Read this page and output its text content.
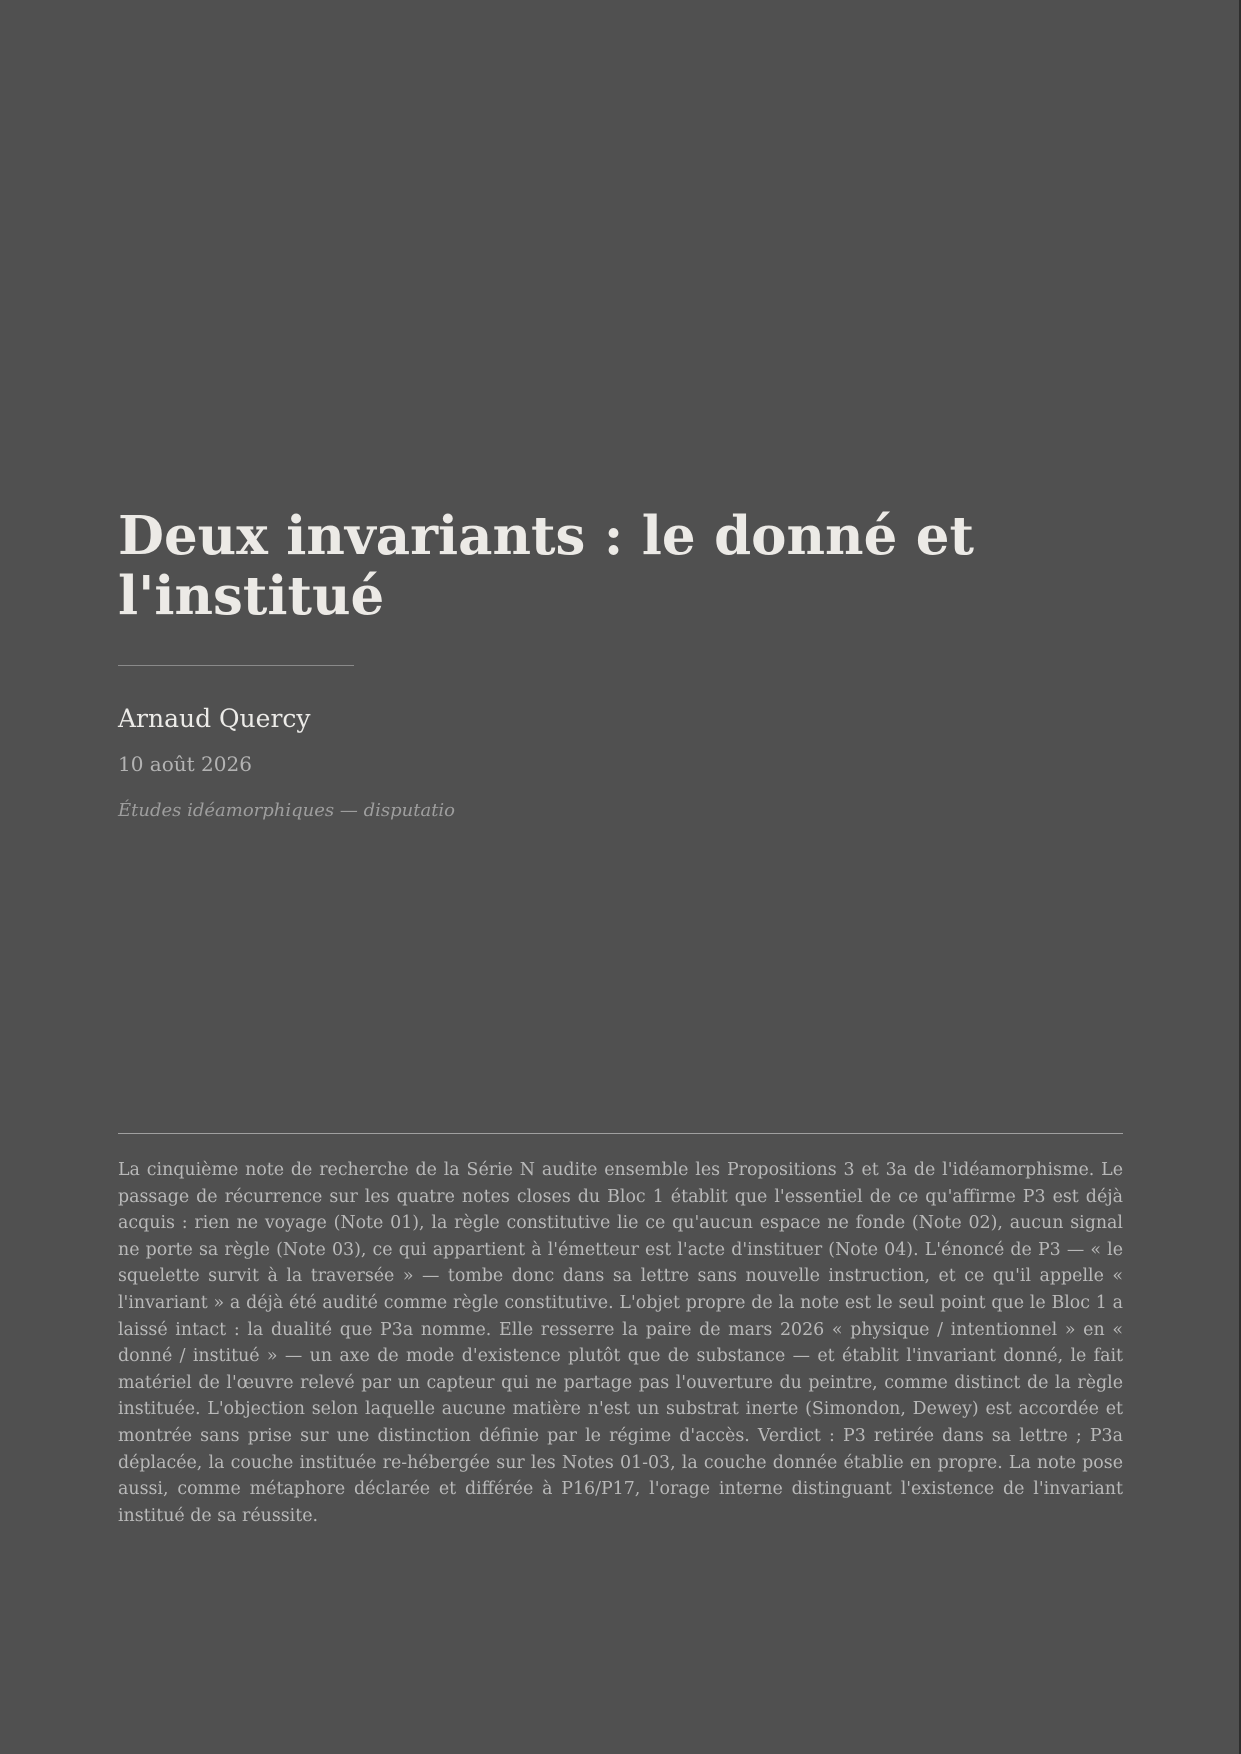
Deux invariants : le donné et l'institué
Arnaud Quercy
10 août 2026
Études idéamorphiques — disputatio

La cinquième note de recherche de la Série N audite ensemble les Propositions 3 et 3a de l'idéamorphisme. Le passage de récurrence sur les quatre notes closes du Bloc 1 établit que l'essentiel de ce qu'affirme P3 est déjà acquis : rien ne voyage (Note 01), la règle constitutive lie ce qu'aucun espace ne fonde (Note 02), aucun signal ne porte sa règle (Note 03), ce qui appartient à l'émetteur est l'acte d'instituer (Note 04). L'énoncé de P3 — « le squelette survit à la traversée » — tombe donc dans sa lettre sans nouvelle instruction, et ce qu'il appelle « l'invariant » a déjà été audité comme règle constitutive. L'objet propre de la note est le seul point que le Bloc 1 a laissé intact : la dualité que P3a nomme. Elle resserre la paire de mars 2026 « physique / intentionnel » en « donné / institué » — un axe de mode d'existence plutôt que de substance — et établit l'invariant donné, le fait matériel de l'œuvre relevé par un capteur qui ne partage pas l'ouverture du peintre, comme distinct de la règle instituée. L'objection selon laquelle aucune matière n'est un substrat inerte (Simondon, Dewey) est accordée et montrée sans prise sur une distinction définie par le régime d'accès. Verdict : P3 retirée dans sa lettre ; P3a déplacée, la couche instituée re-hébergée sur les Notes 01-03, la couche donnée établie en propre. La note pose aussi, comme métaphore déclarée et différée à P16/P17, l'orage interne distinguant l'existence de l'invariant institué de sa réussite.
